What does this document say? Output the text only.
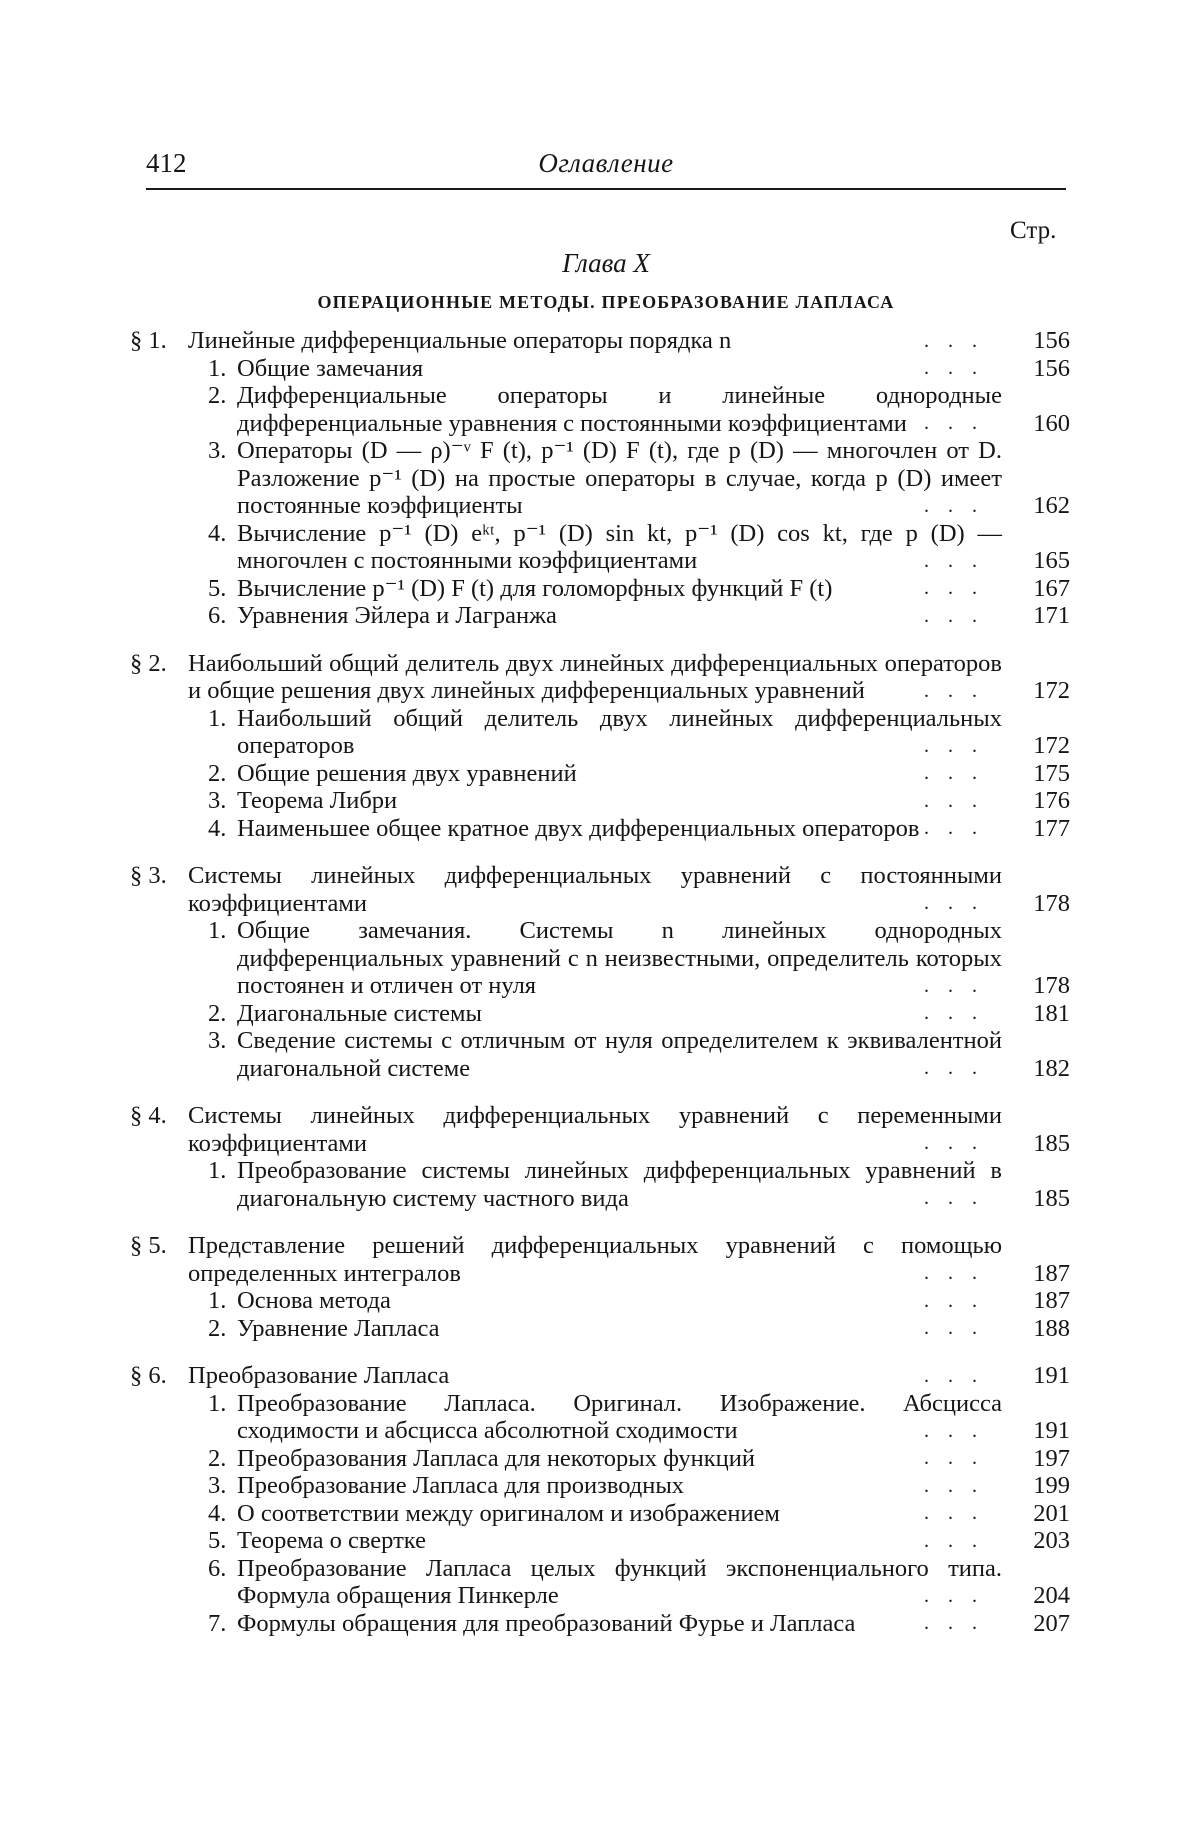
412	Оглавление
Стр.
Глава X
ОПЕРАЦИОННЫЕ МЕТОДЫ. ПРЕОБРАЗОВАНИЕ ЛАПЛАСА
§ 1. Линейные дифференциальные операторы порядка n	. . .	156
1. Общие замечания	. . .	156
2. Дифференциальные операторы и линейные однородные дифференциальные уравнения с постоянными коэффициентами . . .	160
3. Операторы (D — ρ)⁻ᵛ F (t), p⁻¹ (D) F (t), где p (D) — многочлен от D. Разложение p⁻¹ (D) на простые операторы в случае, когда p (D) имеет постоянные коэффициенты	. . .	162
4. Вычисление p⁻¹ (D) eᵏᵗ, p⁻¹ (D) sin kt, p⁻¹ (D) cos kt, где p (D) — многочлен с постоянными коэффициентами	. . .	165
5. Вычисление p⁻¹ (D) F (t) для голоморфных функций F (t)	. . .	167
6. Уравнения Эйлера и Лагранжа	. . .	171
§ 2. Наибольший общий делитель двух линейных дифференциальных операторов и общие решения двух линейных дифференциальных уравнений	. . .	172
1. Наибольший общий делитель двух линейных дифференциальных операторов	. . .	172
2. Общие решения двух уравнений	. . .	175
3. Теорема Либри	. . .	176
4. Наименьшее общее кратное двух дифференциальных операторов . . .	177
§ 3. Системы линейных дифференциальных уравнений с постоянными коэффициентами	. . .	178
1. Общие замечания. Системы n линейных однородных дифференциальных уравнений с n неизвестными, определитель которых постоянен и отличен от нуля	. . .	178
2. Диагональные системы	. . .	181
3. Сведение системы с отличным от нуля определителем к эквивалентной диагональной системе	. . .	182
§ 4. Системы линейных дифференциальных уравнений с переменными коэффициентами	. . .	185
1. Преобразование системы линейных дифференциальных уравнений в диагональную систему частного вида	. . .	185
§ 5. Представление решений дифференциальных уравнений с помощью определенных интегралов	. . .	187
1. Основа метода	. . .	187
2. Уравнение Лапласа	. . .	188
§ 6. Преобразование Лапласа	. . .	191
1. Преобразование Лапласа. Оригинал. Изображение. Абсцисса сходимости и абсцисса абсолютной сходимости	. . .	191
2. Преобразования Лапласа для некоторых функций	. . .	197
3. Преобразование Лапласа для производных	. . .	199
4. О соответствии между оригиналом и изображением	. . .	201
5. Теорема о свертке	. . .	203
6. Преобразование Лапласа целых функций экспоненциального типа. Формула обращения Пинкерле	. . .	204
7. Формулы обращения для преобразований Фурье и Лапласа	. . .	207
